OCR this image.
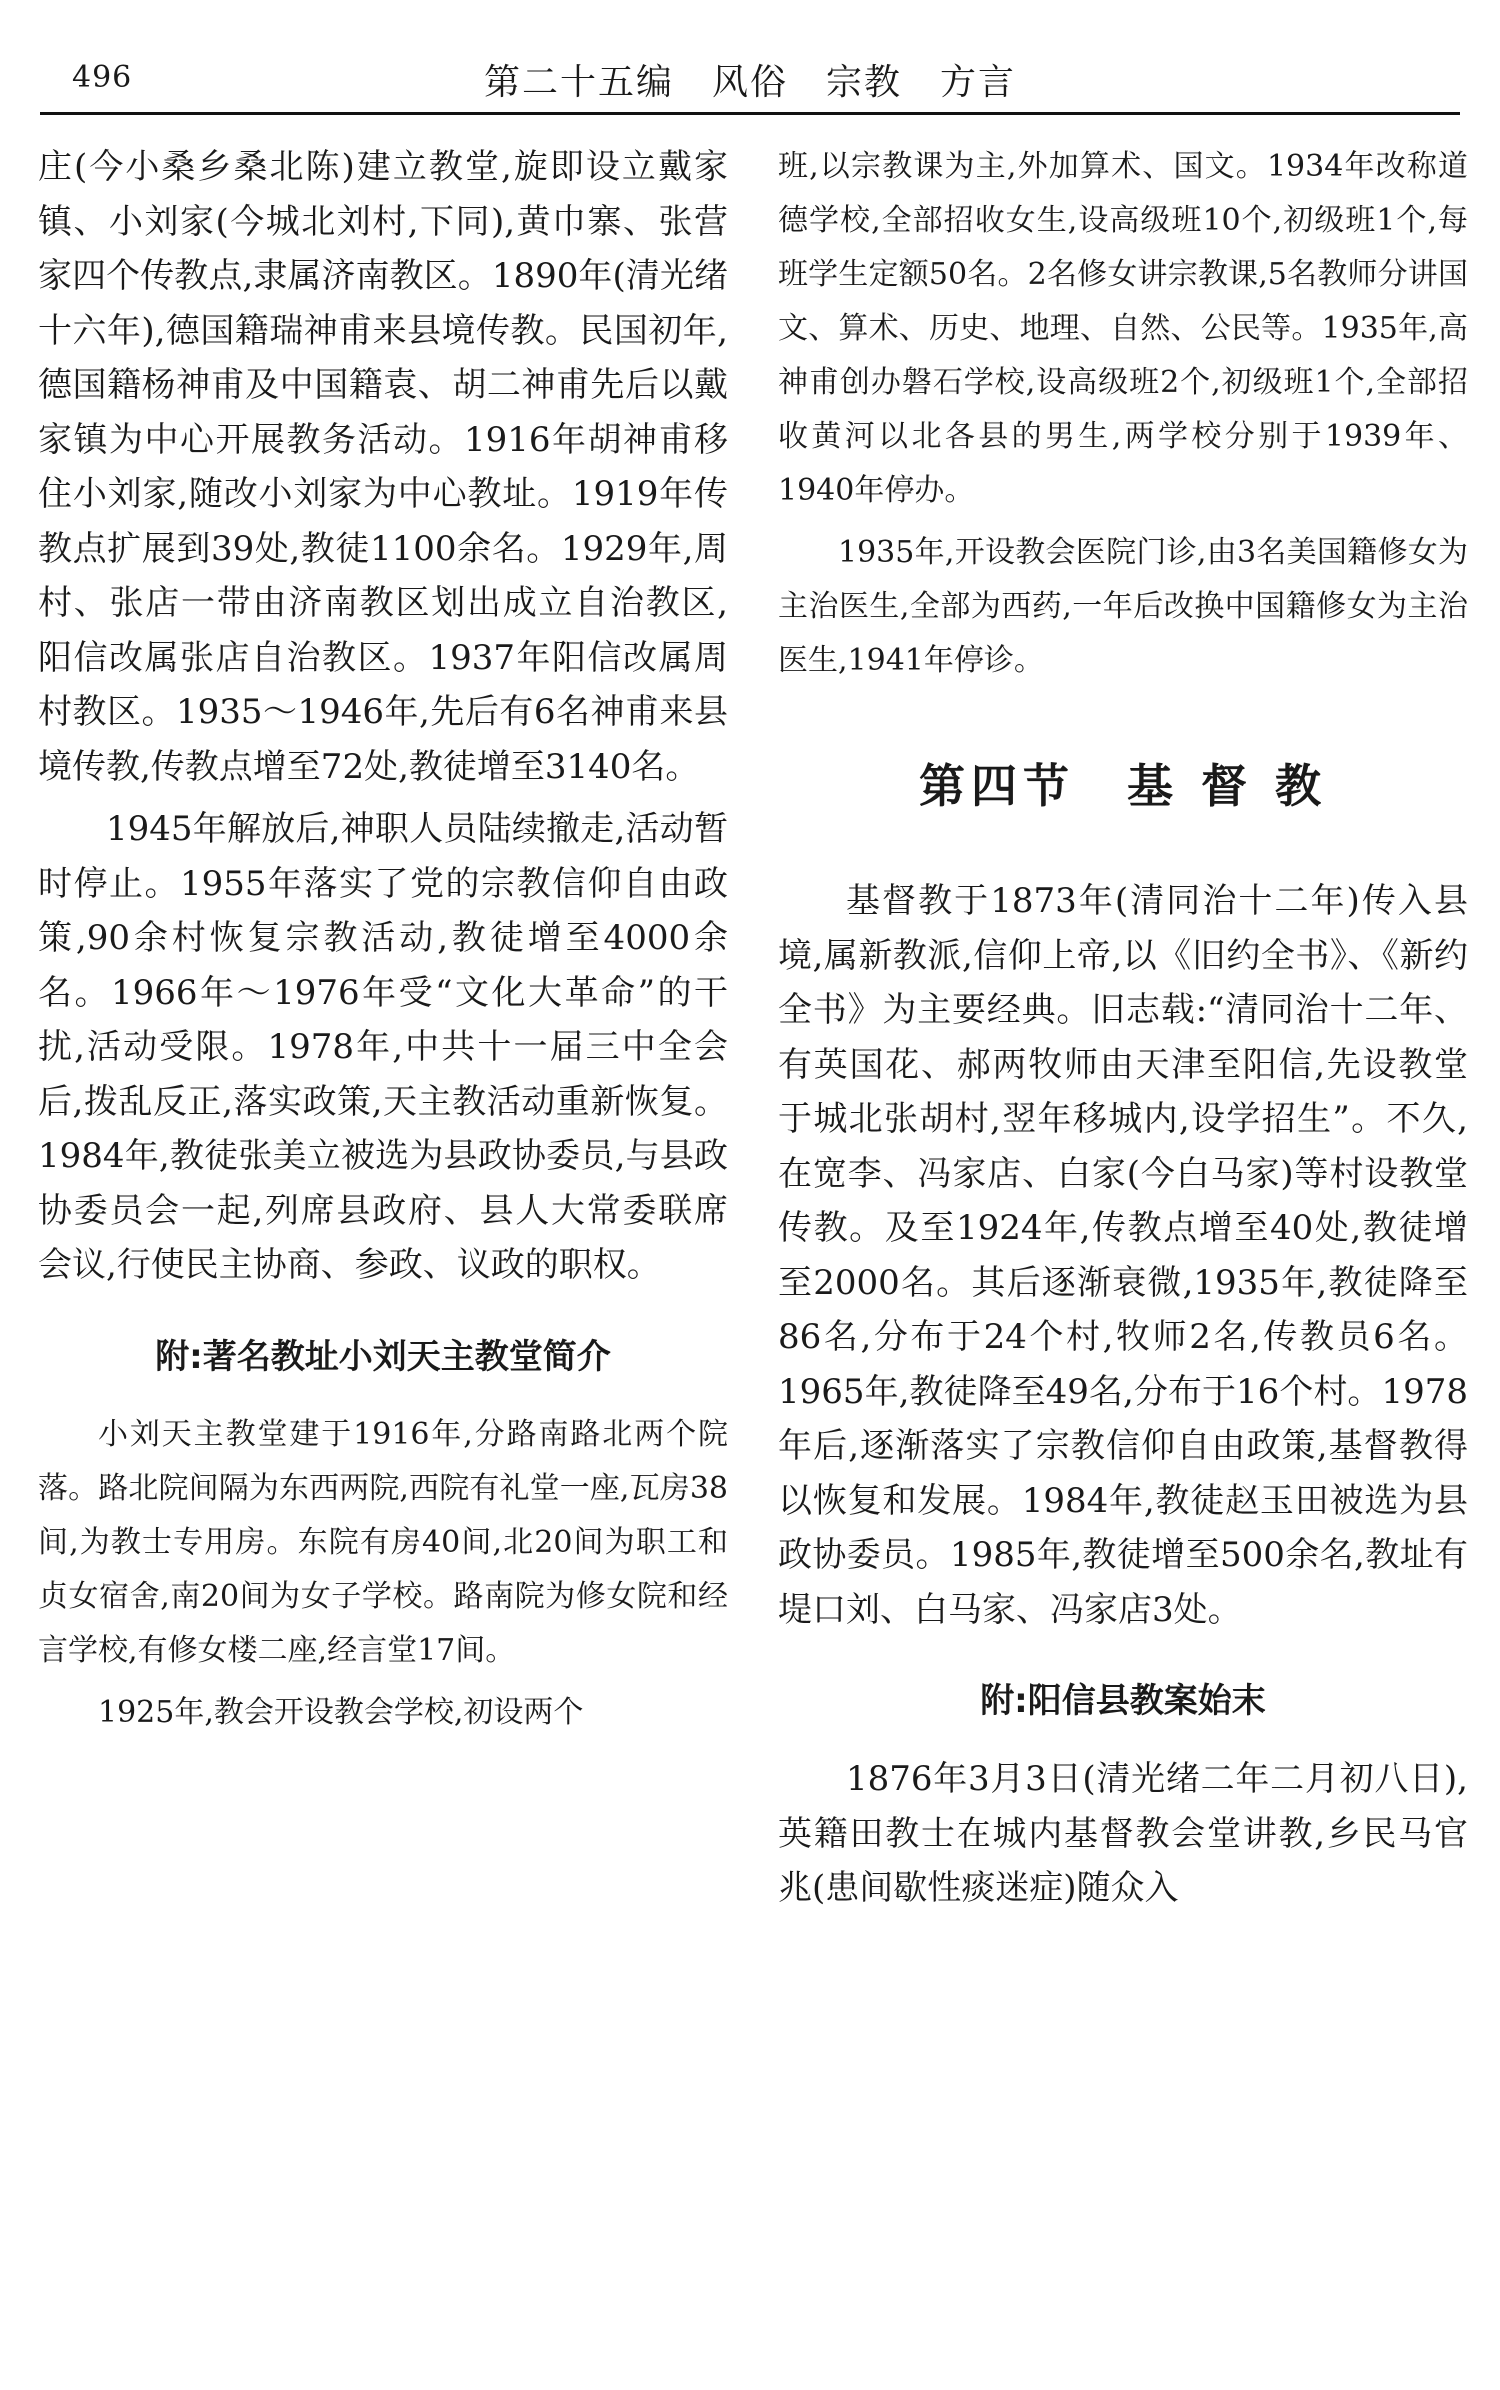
496	第二十五编　风俗　宗教　方言

庄(今小桑乡桑北陈)建立教堂,旋即设立戴家镇、小刘家(今城北刘村,下同),黄巾寨、张营家四个传教点,隶属济南教区。1890年(清光绪十六年),德国籍瑞神甫来县境传教。民国初年,德国籍杨神甫及中国籍袁、胡二神甫先后以戴家镇为中心开展教务活动。1916年胡神甫移住小刘家,随改小刘家为中心教址。1919年传教点扩展到39处,教徒1100余名。1929年,周村、张店一带由济南教区划出成立自治教区,阳信改属张店自治教区。1937年阳信改属周村教区。1935～1946年,先后有6名神甫来县境传教,传教点增至72处,教徒增至3140名。

1945年解放后,神职人员陆续撤走,活动暂时停止。1955年落实了党的宗教信仰自由政策,90余村恢复宗教活动,教徒增至4000余名。1966年～1976年受“文化大革命”的干扰,活动受限。1978年,中共十一届三中全会后,拨乱反正,落实政策,天主教活动重新恢复。1984年,教徒张美立被选为县政协委员,与县政协委员会一起,列席县政府、县人大常委联席会议,行使民主协商、参政、议政的职权。

附:著名教址小刘天主教堂简介

小刘天主教堂建于1916年,分路南路北两个院落。路北院间隔为东西两院,西院有礼堂一座,瓦房38间,为教士专用房。东院有房40间,北20间为职工和贞女宿舍,南20间为女子学校。路南院为修女院和经言学校,有修女楼二座,经言堂17间。

1925年,教会开设教会学校,初设两个

班,以宗教课为主,外加算术、国文。1934年改称道德学校,全部招收女生,设高级班10个,初级班1个,每班学生定额50名。2名修女讲宗教课,5名教师分讲国文、算术、历史、地理、自然、公民等。1935年,高神甫创办磐石学校,设高级班2个,初级班1个,全部招收黄河以北各县的男生,两学校分别于1939年、1940年停办。

1935年,开设教会医院门诊,由3名美国籍修女为主治医生,全部为西药,一年后改换中国籍修女为主治医生,1941年停诊。

第四节　基 督 教

基督教于1873年(清同治十二年)传入县境,属新教派,信仰上帝,以《旧约全书》、《新约全书》为主要经典。旧志载:“清同治十二年、有英国花、郝两牧师由天津至阳信,先设教堂于城北张胡村,翌年移城内,设学招生”。不久,在宽李、冯家店、白家(今白马家)等村设教堂传教。及至1924年,传教点增至40处,教徒增至2000名。其后逐渐衰微,1935年,教徒降至86名,分布于24个村,牧师2名,传教员6名。1965年,教徒降至49名,分布于16个村。1978年后,逐渐落实了宗教信仰自由政策,基督教得以恢复和发展。1984年,教徒赵玉田被选为县政协委员。1985年,教徒增至500余名,教址有堤口刘、白马家、冯家店3处。

附:阳信县教案始末

1876年3月3日(清光绪二年二月初八日),英籍田教士在城内基督教会堂讲教,乡民马官兆(患间歇性痰迷症)随众入
